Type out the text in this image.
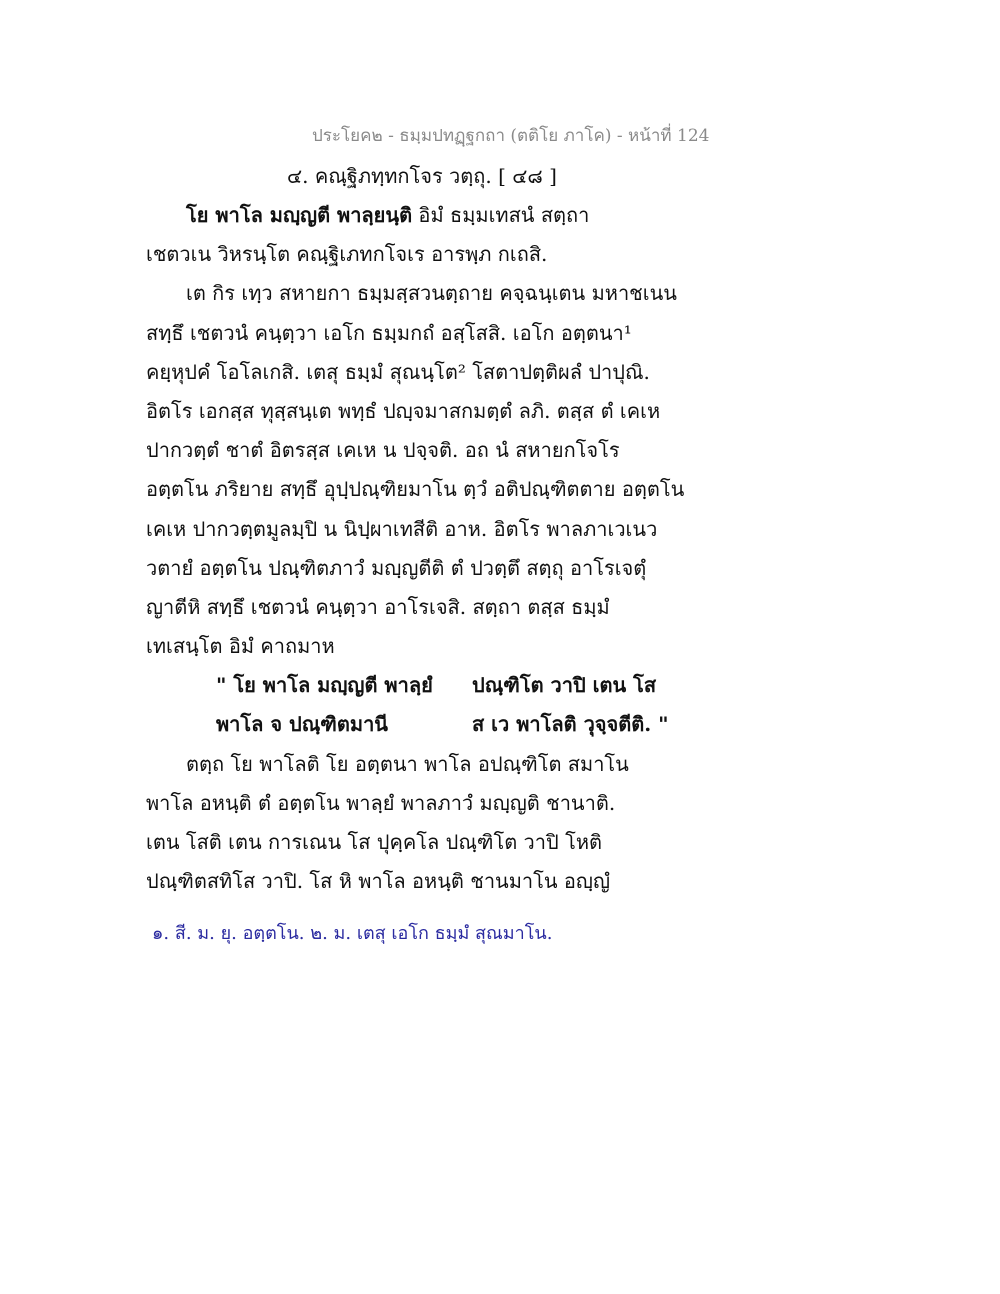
ประโยค๒ - ธมฺมปทฏฺฐกถา (ตติโย ภาโค) - หน้าที่ 124
๔. คณฺฐิภทฺทกโจร วตฺถุ. [ ๔๘ ]
โย พาโล มญฺญตี พาลฺยนฺติ อิมํ ธมฺมเทสนํ สตฺถา
เชตวเน วิหรนฺโต คณฺฐิเภทกโจเร อารพฺภ กเถสิ.
เต กิร เทฺว สหายกา ธมฺมสฺสวนตฺถาย คจฺฉนฺเตน มหาชเนน
สทฺธึ เชตวนํ คนฺตฺวา เอโก ธมฺมกถํ อสฺโสสิ. เอโก อตฺตนา¹
คยฺหุปคํ โอโลเกสิ. เตสุ ธมฺมํ สุณนฺโต² โสตาปตฺติผลํ ปาปุณิ.
อิตโร เอกสฺส ทุสฺสนฺเต พทฺธํ ปญฺจมาสกมตฺตํ ลภิ. ตสฺส ตํ เคเห
ปากวตฺตํ ชาตํ อิตรสฺส เคเห น ปจฺจติ. อถ นํ สหายกโจโร
อตฺตโน ภริยาย สทฺธึ อุปฺปณฺฑิยมาโน ตฺวํ อติปณฺฑิตตาย อตฺตโน
เคเห ปากวตฺตมูลมฺปิ น นิปฺผาเทสีติ อาห. อิตโร พาลภาเวเนว
วตายํ อตฺตโน ปณฺฑิตภาวํ มญฺญตีติ ตํ ปวตฺตึ สตฺถุ อาโรเจตุํ
ญาตีหิ สทฺธึ เชตวนํ คนฺตฺวา อาโรเจสิ. สตฺถา ตสฺส ธมฺมํ
เทเสนฺโต อิมํ คาถมาห
" โย พาโล มญฺญตี พาลฺยํ ปณฺฑิโต วาปิ เตน โส
พาโล จ ปณฺฑิตมานี	ส เว พาโลติ วุจฺจตีติ. "
ตตฺถ โย พาโลติ โย อตฺตนา พาโล อปณฺฑิโต สมาโน
พาโล อหนฺติ ตํ อตฺตโน พาลฺยํ พาลภาวํ มญฺญติ ชานาติ.
เตน โสติ เตน การเณน โส ปุคฺคโล ปณฺฑิโต วาปิ โหติ
ปณฺฑิตสทิโส วาปิ. โส หิ พาโล อหนฺติ ชานมาโน อญฺญํ
๑. สี. ม. ยุ. อตฺตโน. ๒. ม. เตสุ เอโก ธมฺมํ สุณมาโน.
